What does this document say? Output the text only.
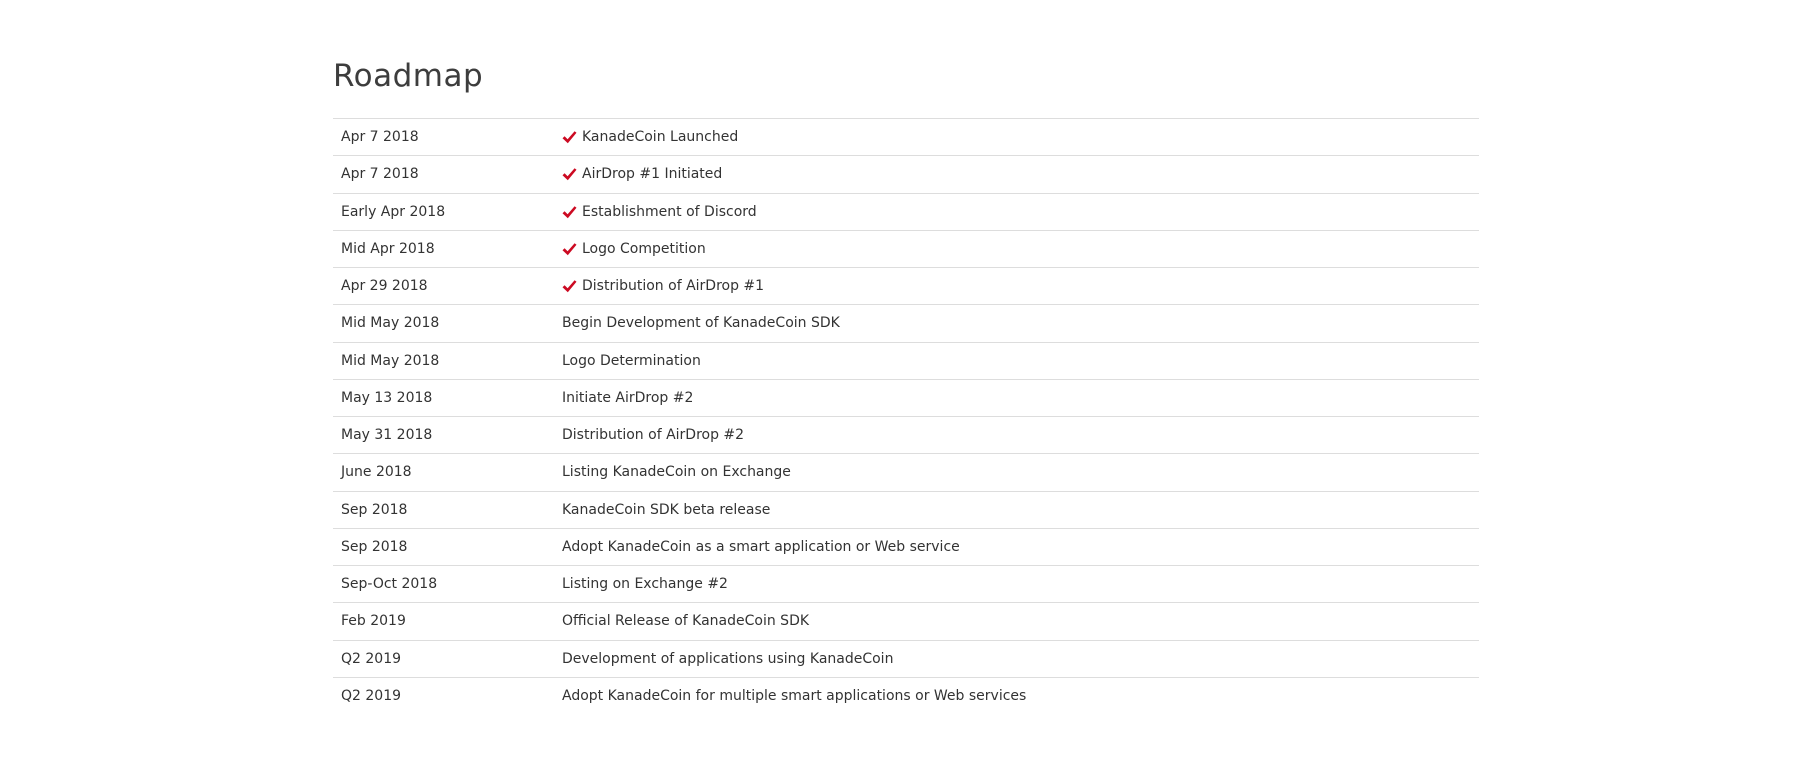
Roadmap
Apr 7 2018	KanadeCoin Launched
Apr 7 2018	AirDrop #1 Initiated
Early Apr 2018	Establishment of Discord
Mid Apr 2018	Logo Competition
Apr 29 2018	Distribution of AirDrop #1
Mid May 2018	Begin Development of KanadeCoin SDK
Mid May 2018	Logo Determination
May 13 2018	Initiate AirDrop #2
May 31 2018	Distribution of AirDrop #2
June 2018	Listing KanadeCoin on Exchange
Sep 2018	KanadeCoin SDK beta release
Sep 2018	Adopt KanadeCoin as a smart application or Web service
Sep-Oct 2018	Listing on Exchange #2
Feb 2019	Official Release of KanadeCoin SDK
Q2 2019	Development of applications using KanadeCoin
Q2 2019	Adopt KanadeCoin for multiple smart applications or Web services
